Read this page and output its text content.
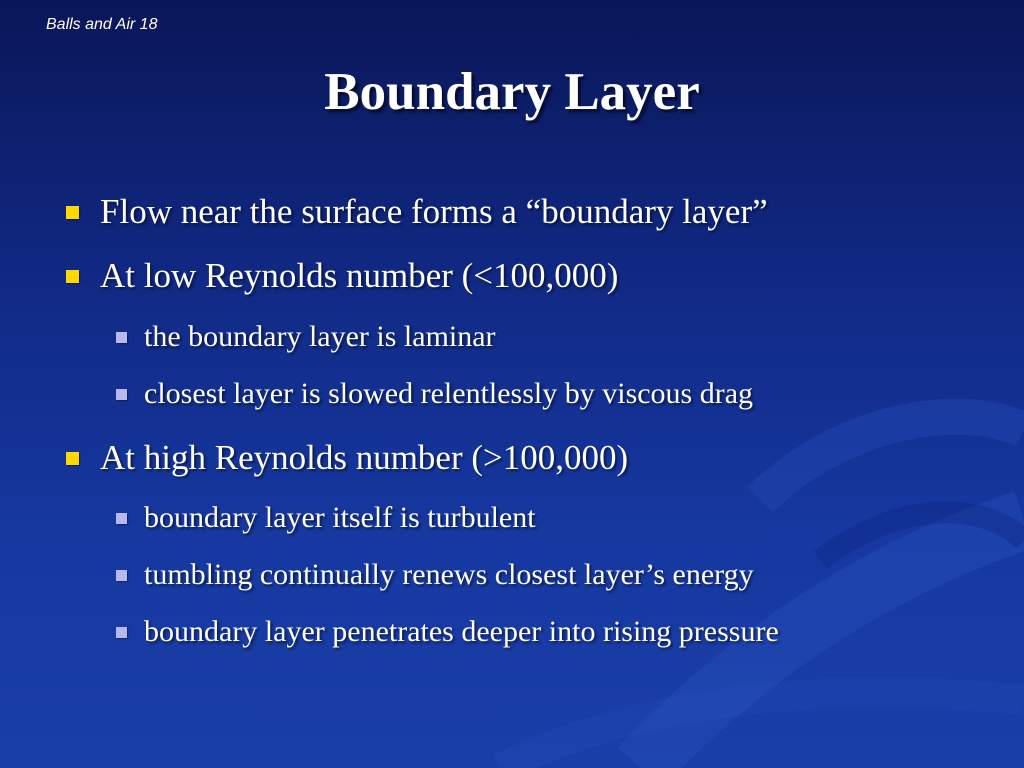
Balls and Air 18
Boundary Layer
Flow near the surface forms a “boundary layer”
At low Reynolds number (<100,000)
the boundary layer is laminar
closest layer is slowed relentlessly by viscous drag
At high Reynolds number (>100,000)
boundary layer itself is turbulent
tumbling continually renews closest layer’s energy
boundary layer penetrates deeper into rising pressure
